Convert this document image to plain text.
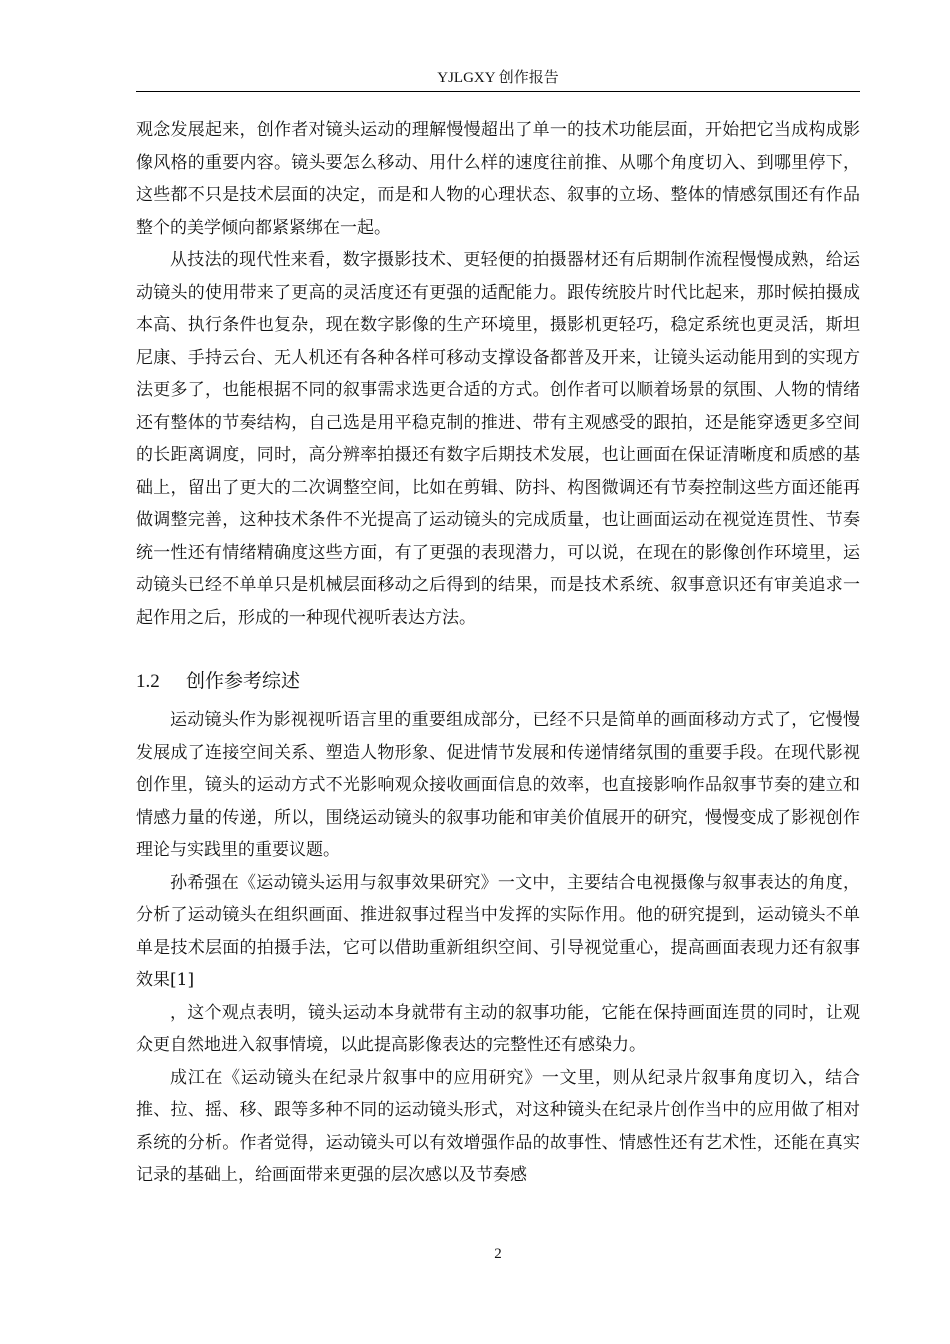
YJLGXY 创作报告

观念发展起来，创作者对镜头运动的理解慢慢超出了单一的技术功能层面，开始把它当成构成影像风格的重要内容。镜头要怎么移动、用什么样的速度往前推、从哪个角度切入、到哪里停下，这些都不只是技术层面的决定，而是和人物的心理状态、叙事的立场、整体的情感氛围还有作品整个的美学倾向都紧紧绑在一起。

从技法的现代性来看，数字摄影技术、更轻便的拍摄器材还有后期制作流程慢慢成熟，给运动镜头的使用带来了更高的灵活度还有更强的适配能力。跟传统胶片时代比起来，那时候拍摄成本高、执行条件也复杂，现在数字影像的生产环境里，摄影机更轻巧，稳定系统也更灵活，斯坦尼康、手持云台、无人机还有各种各样可移动支撑设备都普及开来，让镜头运动能用到的实现方法更多了，也能根据不同的叙事需求选更合适的方式。创作者可以顺着场景的氛围、人物的情绪还有整体的节奏结构，自己选是用平稳克制的推进、带有主观感受的跟拍，还是能穿透更多空间的长距离调度，同时，高分辨率拍摄还有数字后期技术发展，也让画面在保证清晰度和质感的基础上，留出了更大的二次调整空间，比如在剪辑、防抖、构图微调还有节奏控制这些方面还能再做调整完善，这种技术条件不光提高了运动镜头的完成质量，也让画面运动在视觉连贯性、节奏统一性还有情绪精确度这些方面，有了更强的表现潜力，可以说，在现在的影像创作环境里，运动镜头已经不单单只是机械层面移动之后得到的结果，而是技术系统、叙事意识还有审美追求一起作用之后，形成的一种现代视听表达方法。

1.2 创作参考综述

运动镜头作为影视视听语言里的重要组成部分，已经不只是简单的画面移动方式了，它慢慢发展成了连接空间关系、塑造人物形象、促进情节发展和传递情绪氛围的重要手段。在现代影视创作里，镜头的运动方式不光影响观众接收画面信息的效率，也直接影响作品叙事节奏的建立和情感力量的传递，所以，围绕运动镜头的叙事功能和审美价值展开的研究，慢慢变成了影视创作理论与实践里的重要议题。

孙希强在《运动镜头运用与叙事效果研究》一文中，主要结合电视摄像与叙事表达的角度，分析了运动镜头在组织画面、推进叙事过程当中发挥的实际作用。他的研究提到，运动镜头不单单是技术层面的拍摄手法，它可以借助重新组织空间、引导视觉重心，提高画面表现力还有叙事效果[1]

，这个观点表明，镜头运动本身就带有主动的叙事功能，它能在保持画面连贯的同时，让观众更自然地进入叙事情境，以此提高影像表达的完整性还有感染力。

成江在《运动镜头在纪录片叙事中的应用研究》一文里，则从纪录片叙事角度切入，结合推、拉、摇、移、跟等多种不同的运动镜头形式，对这种镜头在纪录片创作当中的应用做了相对系统的分析。作者觉得，运动镜头可以有效增强作品的故事性、情感性还有艺术性，还能在真实记录的基础上，给画面带来更强的层次感以及节奏感

2
